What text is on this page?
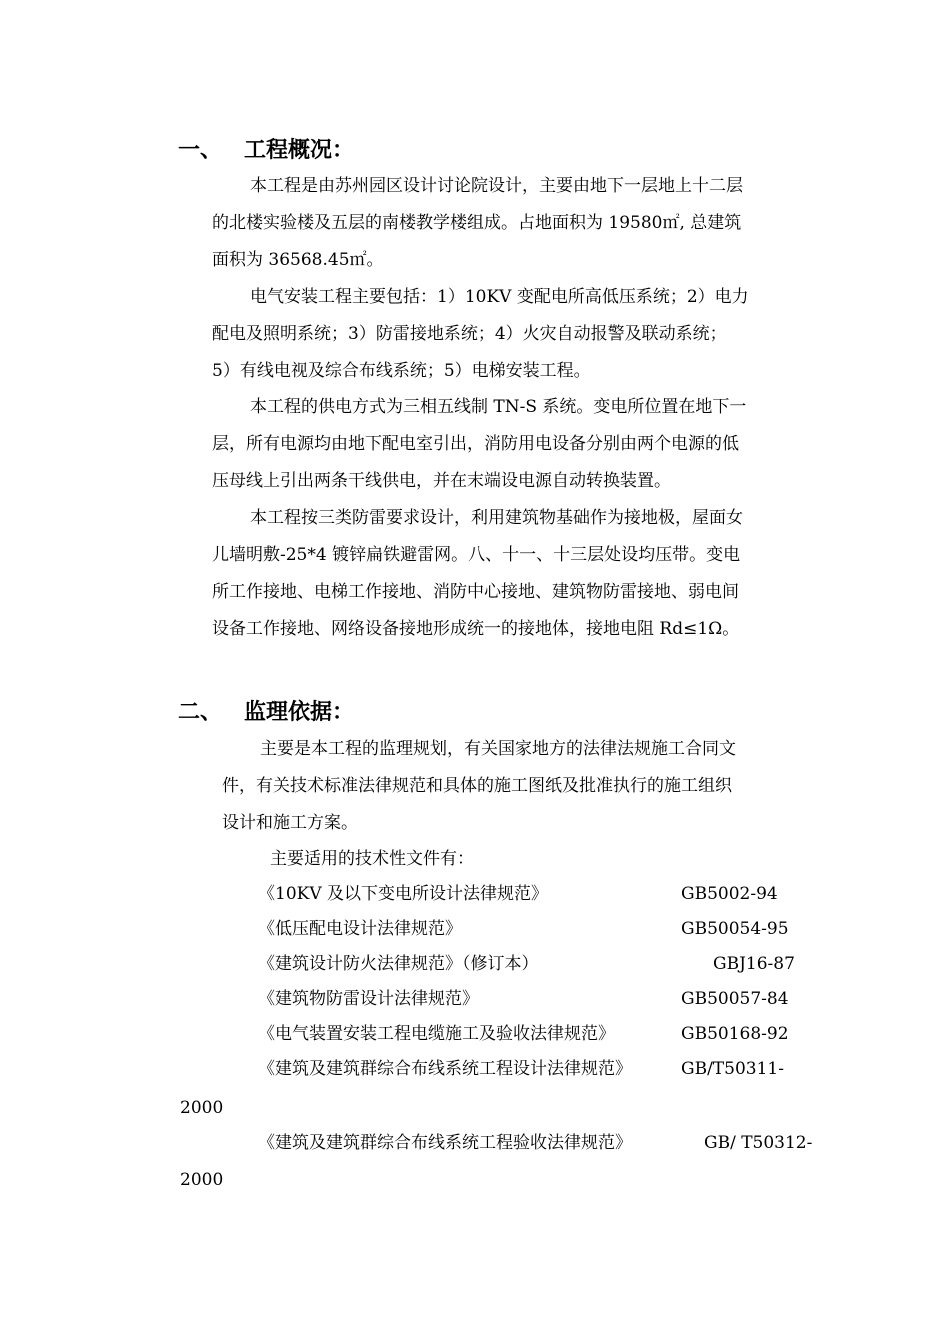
一、 工程概况：
本工程是由苏州园区设计讨论院设计，主要由地下一层地上十二层
的北楼实验楼及五层的南楼教学楼组成。占地面积为 19580㎡, 总建筑
面积为 36568.45㎡。
电气安装工程主要包括：1）10KV 变配电所高低压系统；2）电力
配电及照明系统；3）防雷接地系统；4）火灾自动报警及联动系统；
5）有线电视及综合布线系统；5）电梯安装工程。
本工程的供电方式为三相五线制 TN-S 系统。变电所位置在地下一
层，所有电源均由地下配电室引出，消防用电设备分别由两个电源的低
压母线上引出两条干线供电，并在末端设电源自动转换装置。
本工程按三类防雷要求设计，利用建筑物基础作为接地极，屋面女
儿墙明敷-25*4 镀锌扁铁避雷网。八、十一、十三层处设均压带。变电
所工作接地、电梯工作接地、消防中心接地、建筑物防雷接地、弱电间
设备工作接地、网络设备接地形成统一的接地体，接地电阻 Rd≤1Ω。
二、 监理依据：
主要是本工程的监理规划，有关国家地方的法律法规施工合同文
件，有关技术标准法律规范和具体的施工图纸及批准执行的施工组织
设计和施工方案。
主要适用的技术性文件有：
《10KV 及以下变电所设计法律规范》	GB5002-94
《低压配电设计法律规范》	GB50054-95
《建筑设计防火法律规范》（修订本）	GBJ16-87
《建筑物防雷设计法律规范》	GB50057-84
《电气装置安装工程电缆施工及验收法律规范》	GB50168-92
《建筑及建筑群综合布线系统工程设计法律规范》	GB/T50311-
2000
《建筑及建筑群综合布线系统工程验收法律规范》	GB/ T50312-
2000
